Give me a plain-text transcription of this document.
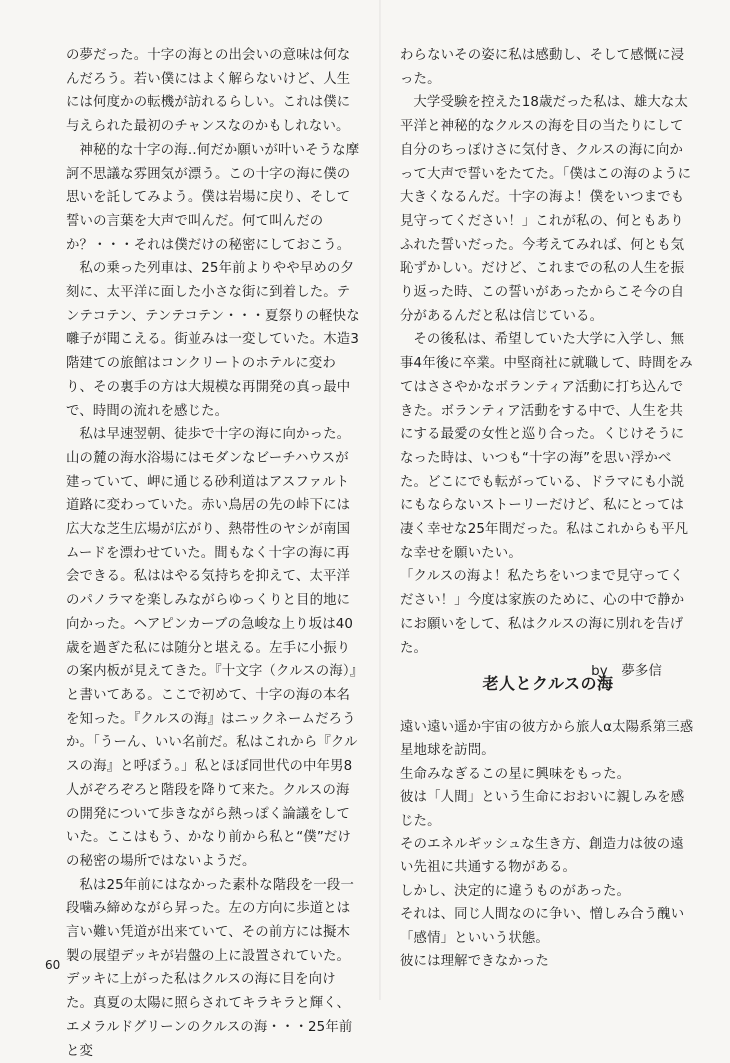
の夢だった。十字の海との出会いの意味は何なんだろう。若い僕にはよく解らないけど、人生には何度かの転機が訪れるらしい。これは僕に与えられた最初のチャンスなのかもしれない。

神秘的な十字の海‥何だか願いが叶いそうな摩訶不思議な雰囲気が漂う。この十字の海に僕の思いを託してみよう。僕は岩場に戻り、そして誓いの言葉を大声で叫んだ。何て叫んだのか？・・・それは僕だけの秘密にしておこう。

私の乗った列車は、25年前よりやや早めの夕刻に、太平洋に面した小さな街に到着した。テンテコテン、テンテコテン・・・夏祭りの軽快な囃子が聞こえる。街並みは一変していた。木造3階建ての旅館はコンクリートのホテルに変わり、その裏手の方は大規模な再開発の真っ最中で、時間の流れを感じた。

私は早速翌朝、徒歩で十字の海に向かった。山の麓の海水浴場にはモダンなビーチハウスが建っていて、岬に通じる砂利道はアスファルト道路に変わっていた。赤い鳥居の先の峠下には広大な芝生広場が広がり、熱帯性のヤシが南国ムードを漂わせていた。間もなく十字の海に再会できる。私ははやる気持ちを抑えて、太平洋のパノラマを楽しみながらゆっくりと目的地に向かった。ヘアピンカーブの急峻な上り坂は40歳を過ぎた私には随分と堪える。左手に小振りの案内板が見えてきた。『十文字（クルスの海）』と書いてある。ここで初めて、十字の海の本名を知った。『クルスの海』はニックネームだろうか。「うーん、いい名前だ。私はこれから『クルスの海』と呼ぼう。」私とほぼ同世代の中年男8人がぞろぞろと階段を降りて来た。クルスの海の開発について歩きながら熱っぽく論議をしていた。ここはもう、かなり前から私と“僕”だけの秘密の場所ではないようだ。

私は25年前にはなかった素朴な階段を一段一段噛み締めながら昇った。左の方向に歩道とは言い難い凭道が出来ていて、その前方には擬木製の展望デッキが岩盤の上に設置されていた。デッキに上がった私はクルスの海に目を向けた。真夏の太陽に照らされてキラキラと輝く、エメラルドグリーンのクルスの海・・・25年前と変

わらないその姿に私は感動し、そして感慨に浸った。

大学受験を控えた18歳だった私は、雄大な太平洋と神秘的なクルスの海を目の当たりにして自分のちっぽけさに気付き、クルスの海に向かって大声で誓いをたてた。「僕はこの海のように大きくなるんだ。十字の海よ！僕をいつまでも見守ってください！」これが私の、何ともありふれた誓いだった。今考えてみれば、何とも気恥ずかしい。だけど、これまでの私の人生を振り返った時、この誓いがあったからこそ今の自分があるんだと私は信じている。

その後私は、希望していた大学に入学し、無事4年後に卒業。中堅商社に就職して、時間をみてはささやかなボランティア活動に打ち込んできた。ボランティア活動をする中で、人生を共にする最愛の女性と巡り合った。くじけそうになった時は、いつも“十字の海”を思い浮かべた。どこにでも転がっている、ドラマにも小説にもならないストーリーだけど、私にとっては凄く幸せな25年間だった。私はこれからも平凡な幸せを願いたい。

「クルスの海よ！私たちをいつまで見守ってください！」今度は家族のために、心の中で静かにお願いをして、私はクルスの海に別れを告げた。

by　夢多信

老人とクルスの海

遠い遠い遥か宇宙の彼方から旅人α太陽系第三惑星地球を訪問。

生命みなぎるこの星に興味をもった。

彼は「人間」という生命におおいに親しみを感じた。

そのエネルギッシュな生き方、創造力は彼の遠い先祖に共通する物がある。

しかし、決定的に違うものがあった。

それは、同じ人間なのに争い、憎しみ合う醜い「感情」といいう状態。

彼には理解できなかった

60
